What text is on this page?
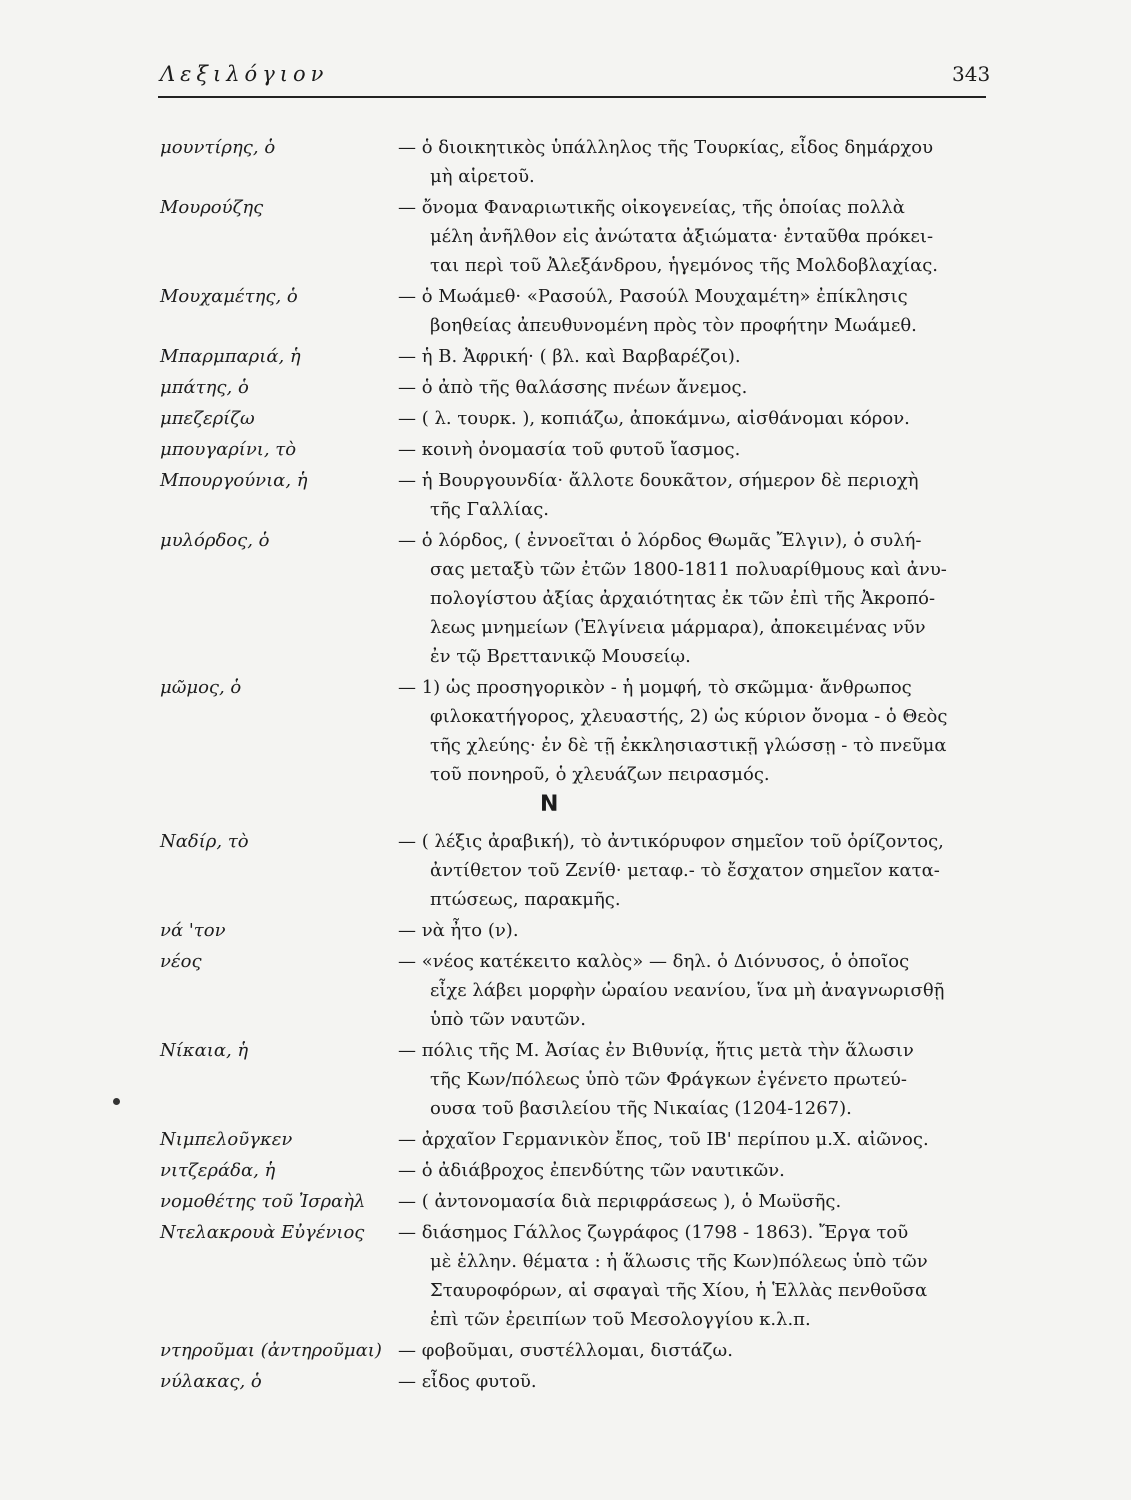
Λεξιλόγιον	343
μουντίρης, ὁ	— ὁ διοικητικὸς ὑπάλληλος τῆς Τουρκίας, εἶδος δημάρχου
μὴ αἱρετοῦ.
Μουρούζης	— ὄνομα Φαναριωτικῆς οἰκογενείας, τῆς ὁποίας πολλὰ
μέλη ἀνῆλθον εἰς ἀνώτατα ἀξιώματα· ἐνταῦθα πρόκει-
ται περὶ τοῦ Ἀλεξάνδρου, ἡγεμόνος τῆς Μολδοβλαχίας.
Μουχαμέτης, ὁ	— ὁ Μωάμεθ· «Ρασούλ, Ρασούλ Μουχαμέτη» ἐπίκλησις
βοηθείας ἀπευθυνομένη πρὸς τὸν προφήτην Μωάμεθ.
Μπαρμπαριά, ἡ	— ἡ Β. Ἀφρική· ( βλ. καὶ Βαρβαρέζοι).
μπάτης, ὁ	— ὁ ἀπὸ τῆς θαλάσσης πνέων ἄνεμος.
μπεζερίζω	— ( λ. τουρκ. ), κοπιάζω, ἀποκάμνω, αἰσθάνομαι κόρον.
μπουγαρίνι, τὸ	— κοινὴ ὀνομασία τοῦ φυτοῦ ἴασμος.
Μπουργούνια, ἡ	— ἡ Βουργουνδία· ἄλλοτε δουκᾶτον, σήμερον δὲ περιοχὴ
τῆς Γαλλίας.
μυλόρδος, ὁ	— ὁ λόρδος, ( ἐννοεῖται ὁ λόρδος Θωμᾶς Ἔλγιν), ὁ συλή-
σας μεταξὺ τῶν ἐτῶν 1800-1811 πολυαρίθμους καὶ ἀνυ-
πολογίστου ἀξίας ἀρχαιότητας ἐκ τῶν ἐπὶ τῆς Ἀκροπό-
λεως μνημείων (Ἐλγίνεια μάρμαρα), ἀποκειμένας νῦν
ἐν τῷ Βρεττανικῷ Μουσείῳ.
μῶμος, ὁ	— 1) ὡς προσηγορικὸν - ἡ μομφή, τὸ σκῶμμα· ἄνθρωπος
φιλοκατήγορος, χλευαστής, 2) ὡς κύριον ὄνομα - ὁ Θεὸς
τῆς χλεύης· ἐν δὲ τῇ ἐκκλησιαστικῇ γλώσσῃ - τὸ πνεῦμα
τοῦ πονηροῦ, ὁ χλευάζων πειρασμός.
Ν
Ναδίρ, τὸ	— ( λέξις ἀραβική), τὸ ἀντικόρυφον σημεῖον τοῦ ὁρίζοντος,
ἀντίθετον τοῦ Ζενίθ· μεταφ.- τὸ ἔσχατον σημεῖον κατα-
πτώσεως, παρακμῆς.
νά 'τον	— νὰ ἦτο (ν).
νέος	— «νέος κατέκειτο καλὸς» — δηλ. ὁ Διόνυσος, ὁ ὁποῖος
εἶχε λάβει μορφὴν ὡραίου νεανίου, ἵνα μὴ ἀναγνωρισθῇ
ὑπὸ τῶν ναυτῶν.
Νίκαια, ἡ	— πόλις τῆς Μ. Ἀσίας ἐν Βιθυνίᾳ, ἥτις μετὰ τὴν ἅλωσιν
τῆς Κων/πόλεως ὑπὸ τῶν Φράγκων ἐγένετο πρωτεύ-
ουσα τοῦ βασιλείου τῆς Νικαίας (1204-1267).
Νιμπελοῦγκεν	— ἀρχαῖον Γερμανικὸν ἔπος, τοῦ ΙΒ' περίπου μ.Χ. αἰῶνος.
νιτζεράδα, ἡ	— ὁ ἀδιάβροχος ἐπενδύτης τῶν ναυτικῶν.
νομοθέτης τοῦ Ἰσραὴλ	— ( ἀντονομασία διὰ περιφράσεως ), ὁ Μωϋσῆς.
Ντελακρουὰ Εὐγένιος	— διάσημος Γάλλος ζωγράφος (1798 - 1863). Ἔργα τοῦ
μὲ ἑλλην. θέματα : ἡ ἅλωσις τῆς Κων)πόλεως ὑπὸ τῶν
Σταυροφόρων, αἱ σφαγαὶ τῆς Χίου, ἡ Ἑλλὰς πενθοῦσα
ἐπὶ τῶν ἐρειπίων τοῦ Μεσολογγίου κ.λ.π.
ντηροῦμαι (ἀντηροῦμαι) — φοβοῦμαι, συστέλλομαι, διστάζω.
νύλακας, ὁ	— εἶδος φυτοῦ.
